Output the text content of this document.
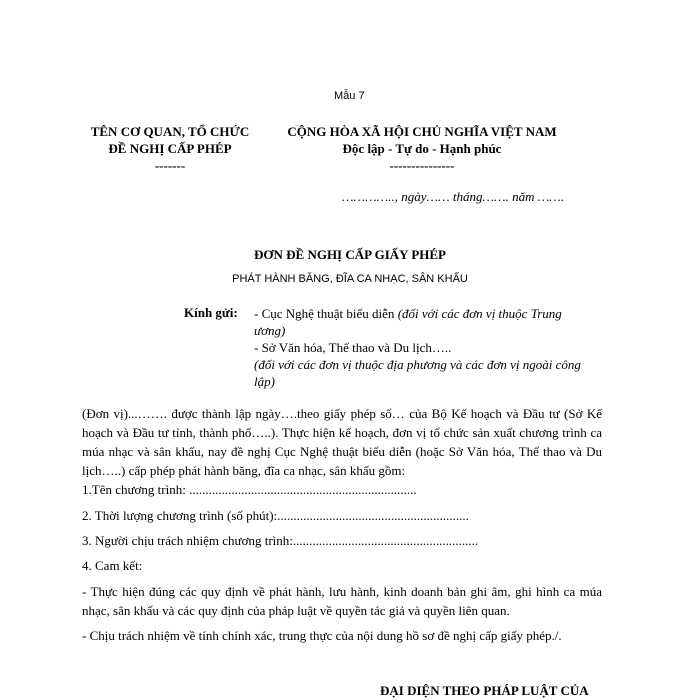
Mẫu 7
TÊN CƠ QUAN, TỔ CHỨC
ĐỀ NGHỊ CẤP PHÉP
-------
CỘNG HÒA XÃ HỘI CHỦ NGHĨA VIỆT NAM
Độc lập - Tự do - Hạnh phúc
---------------
………….., ngày…… tháng……. năm …….
ĐƠN ĐỀ NGHỊ CẤP GIẤY PHÉP
PHÁT HÀNH BĂNG, ĐĨA CA NHẠC, SÂN KHẤU
Kính gửi: - Cục Nghệ thuật biểu diễn (đối với các đơn vị thuộc Trung
ương)
- Sở Văn hóa, Thể thao và Du lịch…..
(đối với các đơn vị thuộc địa phương và các đơn vị ngoài công
lập)
(Đơn vị)...……. được thành lập ngày….theo giấy phép số… của Bộ Kế hoạch và Đầu tư (Sở Kế hoạch và Đầu tư tỉnh, thành phố…..). Thực hiện kế hoạch, đơn vị tổ chức sản xuất chương trình ca múa nhạc và sân khấu, nay đề nghị Cục Nghệ thuật biểu diễn (hoặc Sở Văn hóa, Thể thao và Du lịch…..) cấp phép phát hành băng, đĩa ca nhạc, sân khấu gồm:
1.Tên chương trình: ......................................................................
2. Thời lượng chương trình (số phút):...........................................................
3. Người chịu trách nhiệm chương trình:.........................................................
4. Cam kết:
- Thực hiện đúng các quy định về phát hành, lưu hành, kinh doanh bản ghi âm, ghi hình ca múa nhạc, sân khấu và các quy định của pháp luật về quyền tác giả và quyền liên quan.
- Chịu trách nhiệm về tính chính xác, trung thực của nội dung hồ sơ đề nghị cấp giấy phép./.
ĐẠI DIỆN THEO PHÁP LUẬT CỦA
